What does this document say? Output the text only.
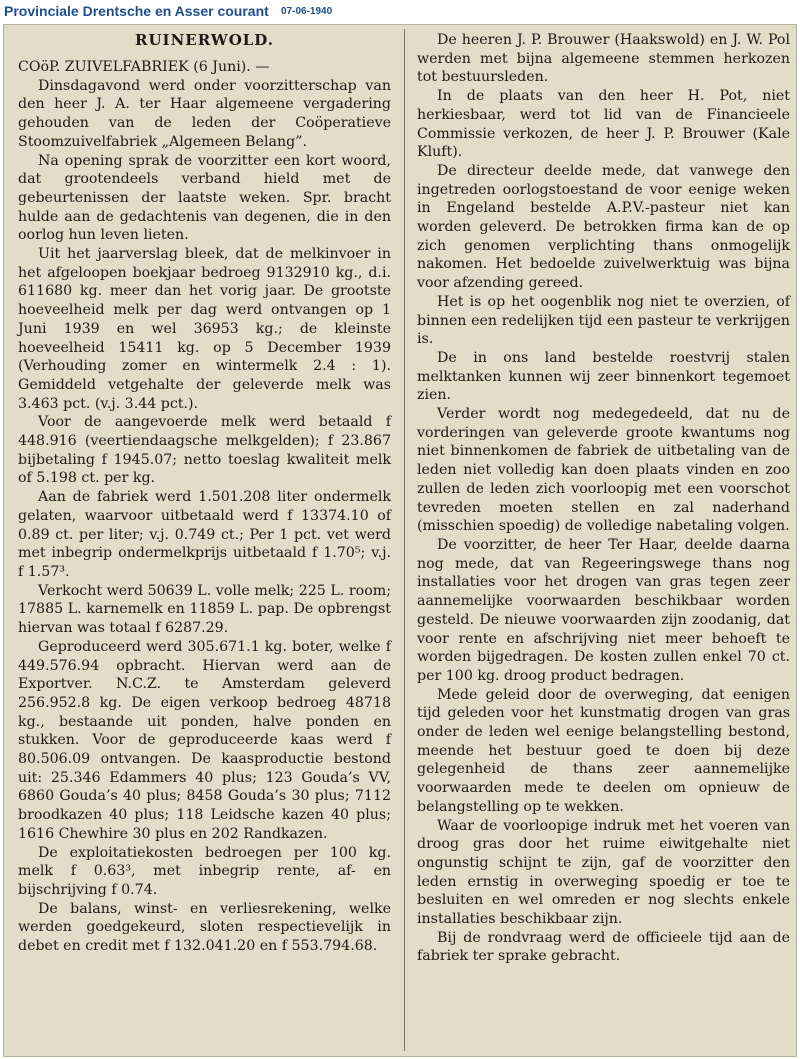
Provinciale Drentsche en Asser courant 07-06-1940
RUINERWOLD.

COöP. ZUIVELFABRIEK (6 Juni). —

Dinsdagavond werd onder voorzitterschap van den heer J. A. ter Haar algemeene vergadering gehouden van de leden der Coöperatieve Stoomzuivelfabriek „Algemeen Belang”.

Na opening sprak de voorzitter een kort woord, dat grootendeels verband hield met de gebeurtenissen der laatste weken. Spr. bracht hulde aan de gedachtenis van degenen, die in den oorlog hun leven lieten.

Uit het jaarverslag bleek, dat de melkinvoer in het afgeloopen boekjaar bedroeg 9132910 kg., d.i. 611680 kg. meer dan het vorig jaar. De grootste hoeveelheid melk per dag werd ontvangen op 1 Juni 1939 en wel 36953 kg.; de kleinste hoeveelheid 15411 kg. op 5 December 1939 (Verhouding zomer en wintermelk 2.4 : 1). Gemiddeld vetgehalte der geleverde melk was 3.463 pct. (v.j. 3.44 pct.).

Voor de aangevoerde melk werd betaald f 448.916 (veertiendaagsche melkgelden); f 23.867 bijbetaling f 1945.07; netto toeslag kwaliteit melk of 5.198 ct. per kg.

Aan de fabriek werd 1.501.208 liter ondermelk gelaten, waarvoor uitbetaald werd f 13374.10 of 0.89 ct. per liter; v.j. 0.749 ct.; Per 1 pct. vet werd met inbegrip ondermelkprijs uitbetaald f 1.70⁵; v.j. f 1.57³.

Verkocht werd 50639 L. volle melk; 225 L. room; 17885 L. karnemelk en 11859 L. pap. De opbrengst hiervan was totaal f 6287.29.

Geproduceerd werd 305.671.1 kg. boter, welke f 449.576.94 opbracht. Hiervan werd aan de Exportver. N.C.Z. te Amsterdam geleverd 256.952.8 kg. De eigen verkoop bedroeg 48718 kg., bestaande uit ponden, halve ponden en stukken. Voor de geproduceerde kaas werd f 80.506.09 ontvangen. De kaasproductie bestond uit: 25.346 Edammers 40 plus; 123 Gouda’s VV, 6860 Gouda’s 40 plus; 8458 Gouda’s 30 plus; 7112 broodkazen 40 plus; 118 Leidsche kazen 40 plus; 1616 Chewhire 30 plus en 202 Randkazen.

De exploitatiekosten bedroegen per 100 kg. melk f 0.63³, met inbegrip rente, af- en bijschrijving f 0.74.

De balans, winst- en verliesrekening, welke werden goedgekeurd, sloten respectievelijk in debet en credit met f 132.041.20 en f 553.794.68.

De heeren J. P. Brouwer (Haakswold) en J. W. Pol werden met bijna algemeene stemmen herkozen tot bestuursleden.

In de plaats van den heer H. Pot, niet herkiesbaar, werd tot lid van de Financieele Commissie verkozen, de heer J. P. Brouwer (Kale Kluft).

De directeur deelde mede, dat vanwege den ingetreden oorlogstoestand de voor eenige weken in Engeland bestelde A.P.V.-pasteur niet kan worden geleverd. De betrokken firma kan de op zich genomen verplichting thans onmogelijk nakomen. Het bedoelde zuivelwerktuig was bijna voor afzending gereed.

Het is op het oogenblik nog niet te overzien, of binnen een redelijken tijd een pasteur te verkrijgen is.

De in ons land bestelde roestvrij stalen melktanken kunnen wij zeer binnenkort tegemoet zien.

Verder wordt nog medegedeeld, dat nu de vorderingen van geleverde groote kwantums nog niet binnenkomen de fabriek de uitbetaling van de leden niet volledig kan doen plaats vinden en zoo zullen de leden zich voorloopig met een voorschot tevreden moeten stellen en zal naderhand (misschien spoedig) de volledige nabetaling volgen.

De voorzitter, de heer Ter Haar, deelde daarna nog mede, dat van Regeeringswege thans nog installaties voor het drogen van gras tegen zeer aannemelijke voorwaarden beschikbaar worden gesteld. De nieuwe voorwaarden zijn zoodanig, dat voor rente en afschrijving niet meer behoeft te worden bijgedragen. De kosten zullen enkel 70 ct. per 100 kg. droog product bedragen.

Mede geleid door de overweging, dat eenigen tijd geleden voor het kunstmatig drogen van gras onder de leden wel eenige belangstelling bestond, meende het bestuur goed te doen bij deze gelegenheid de thans zeer aannemelijke voorwaarden mede te deelen om opnieuw de belangstelling op te wekken.

Waar de voorloopige indruk met het voeren van droog gras door het ruime eiwitgehalte niet ongunstig schijnt te zijn, gaf de voorzitter den leden ernstig in overweging spoedig er toe te besluiten en wel omreden er nog slechts enkele installaties beschikbaar zijn.

Bij de rondvraag werd de officieele tijd aan de fabriek ter sprake gebracht.
